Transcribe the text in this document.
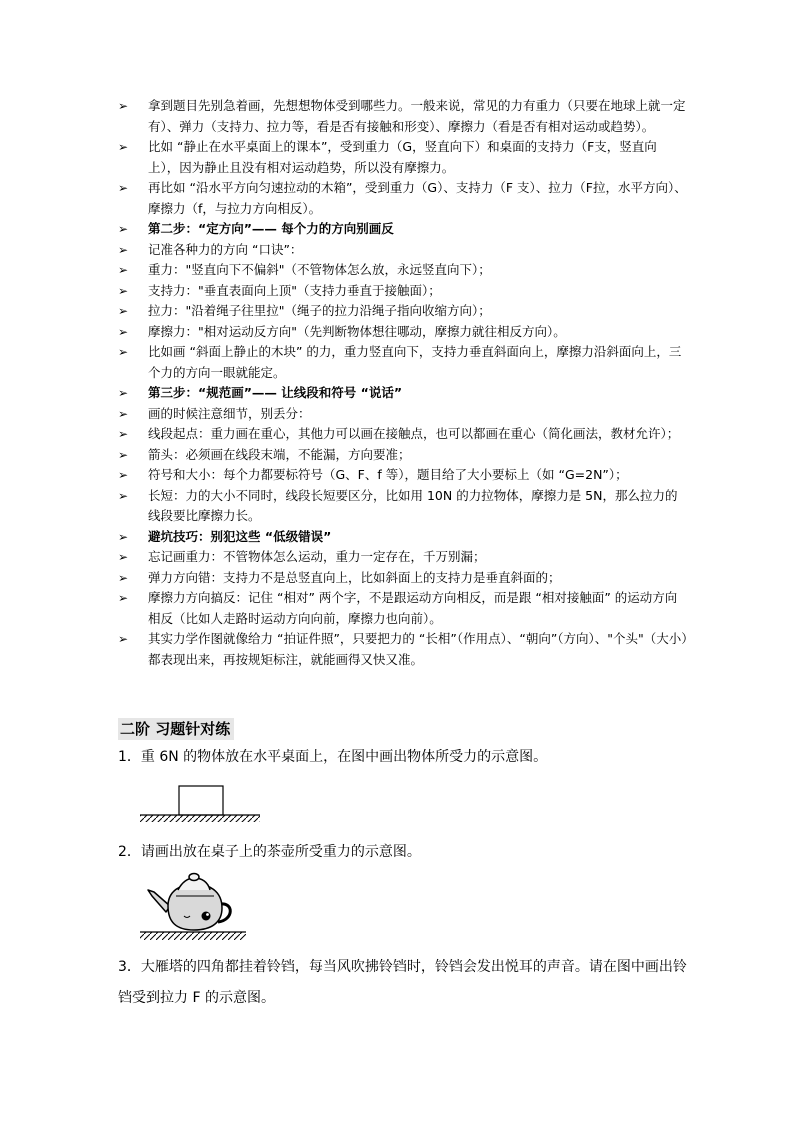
➢	拿到题目先别急着画，先想想物体受到哪些力。一般来说，常见的力有重力（只要在地球上就一定有）、弹力（支持力、拉力等，看是否有接触和形变）、摩擦力（看是否有相对运动或趋势）。
➢	比如 “静止在水平桌面上的课本”，受到重力（G，竖直向下）和桌面的支持力（F支，竖直向上），因为静止且没有相对运动趋势，所以没有摩擦力。
➢	再比如 “沿水平方向匀速拉动的木箱”，受到重力（G）、支持力（F 支）、拉力（F拉，水平方向）、摩擦力（f，与拉力方向相反）。
➢	第二步：“定方向”—— 每个力的方向别画反
➢	记准各种力的方向 “口诀”：
➢	重力："竖直向下不偏斜"（不管物体怎么放，永远竖直向下）；
➢	支持力："垂直表面向上顶"（支持力垂直于接触面）；
➢	拉力："沿着绳子往里拉"（绳子的拉力沿绳子指向收缩方向）；
➢	摩擦力："相对运动反方向"（先判断物体想往哪动，摩擦力就往相反方向）。
➢	比如画 “斜面上静止的木块” 的力，重力竖直向下，支持力垂直斜面向上，摩擦力沿斜面向上，三个力的方向一眼就能定。
➢	第三步：“规范画”—— 让线段和符号 “说话”
➢	画的时候注意细节，别丢分：
➢	线段起点：重力画在重心，其他力可以画在接触点，也可以都画在重心（简化画法，教材允许）；
➢	箭头：必须画在线段末端，不能漏，方向要准；
➢	符号和大小：每个力都要标符号（G、F、f 等），题目给了大小要标上（如 “G=2N”）；
➢	长短：力的大小不同时，线段长短要区分，比如用 10N 的力拉物体，摩擦力是 5N，那么拉力的线段要比摩擦力长。
➢	避坑技巧：别犯这些 “低级错误”
➢	忘记画重力：不管物体怎么运动，重力一定存在，千万别漏；
➢	弹力方向错：支持力不是总竖直向上，比如斜面上的支持力是垂直斜面的；
➢	摩擦力方向搞反：记住 “相对” 两个字，不是跟运动方向相反，而是跟 “相对接触面” 的运动方向相反（比如人走路时运动方向向前，摩擦力也向前）。
➢	其实力学作图就像给力 “拍证件照”，只要把力的 “长相”（作用点）、“朝向”（方向）、"个头"（大小）都表现出来，再按规矩标注，就能画得又快又准。
二阶 习题针对练

1．重 6N 的物体放在水平桌面上，在图中画出物体所受力的示意图。

2．请画出放在桌子上的茶壶所受重力的示意图。

3．大雁塔的四角都挂着铃铛，每当风吹拂铃铛时，铃铛会发出悦耳的声音。请在图中画出铃铛受到拉力 F 的示意图。
